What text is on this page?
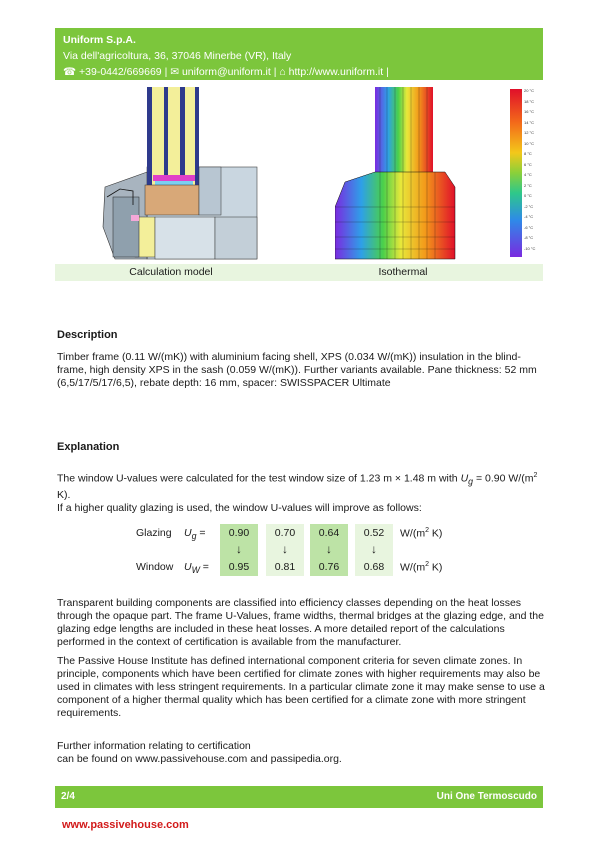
Uniform S.p.A.
Via dell'agricoltura, 36, 37046 Minerbe (VR), Italy
☎ +39-0442/669669 | ✉ uniform@uniform.it | ⌂ http://www.uniform.it |
20 °C
18 °C
16 °C
14 °C
12 °C
10 °C
8 °C
6 °C
4 °C
2 °C
0 °C
-2 °C
-4 °C
-6 °C
-8 °C
-10 °C
Calculation model	Isothermal
Description
Timber frame (0.11 W/(mK)) with aluminium facing shell, XPS (0.034 W/(mK)) insulation in the blind-frame, high density XPS in the sash (0.059 W/(mK)). Further variants available. Pane thickness: 52 mm (6,5/17/5/17/6,5), rebate depth: 16 mm, spacer: SWISSPACER Ultimate
Explanation
The window U-values were calculated for the test window size of 1.23 m × 1.48 m with $U_g = 0.90$ $W/(m^2$ K).
If a higher quality glazing is used, the window U-values will improve as follows:
Glazing $U_g$ =	0.90	0.70	0.64	0.52	$W/(m^2$ K)
↓	↓	↓	↓
Window $U_W$ =	0.95	0.81	0.76	0.68	$W/(m^2$ K)
Transparent building components are classified into efficiency classes depending on the heat losses through the opaque part. The frame U-Values, frame widths, thermal bridges at the glazing edge, and the glazing edge lengths are included in these heat losses. A more detailed report of the calculations performed in the context of certification is available from the manufacturer.
The Passive House Institute has defined international component criteria for seven climate zones. In principle, components which have been certified for climate zones with higher requirements may also be used in climates with less stringent requirements. In a particular climate zone it may make sense to use a component of a higher thermal quality which has been certified for a climate zone with more stringent requirements.
Further information relating to certification
can be found on www.passivehouse.com and passipedia.org.
2/4	Uni One Termoscudo
www.passivehouse.com
